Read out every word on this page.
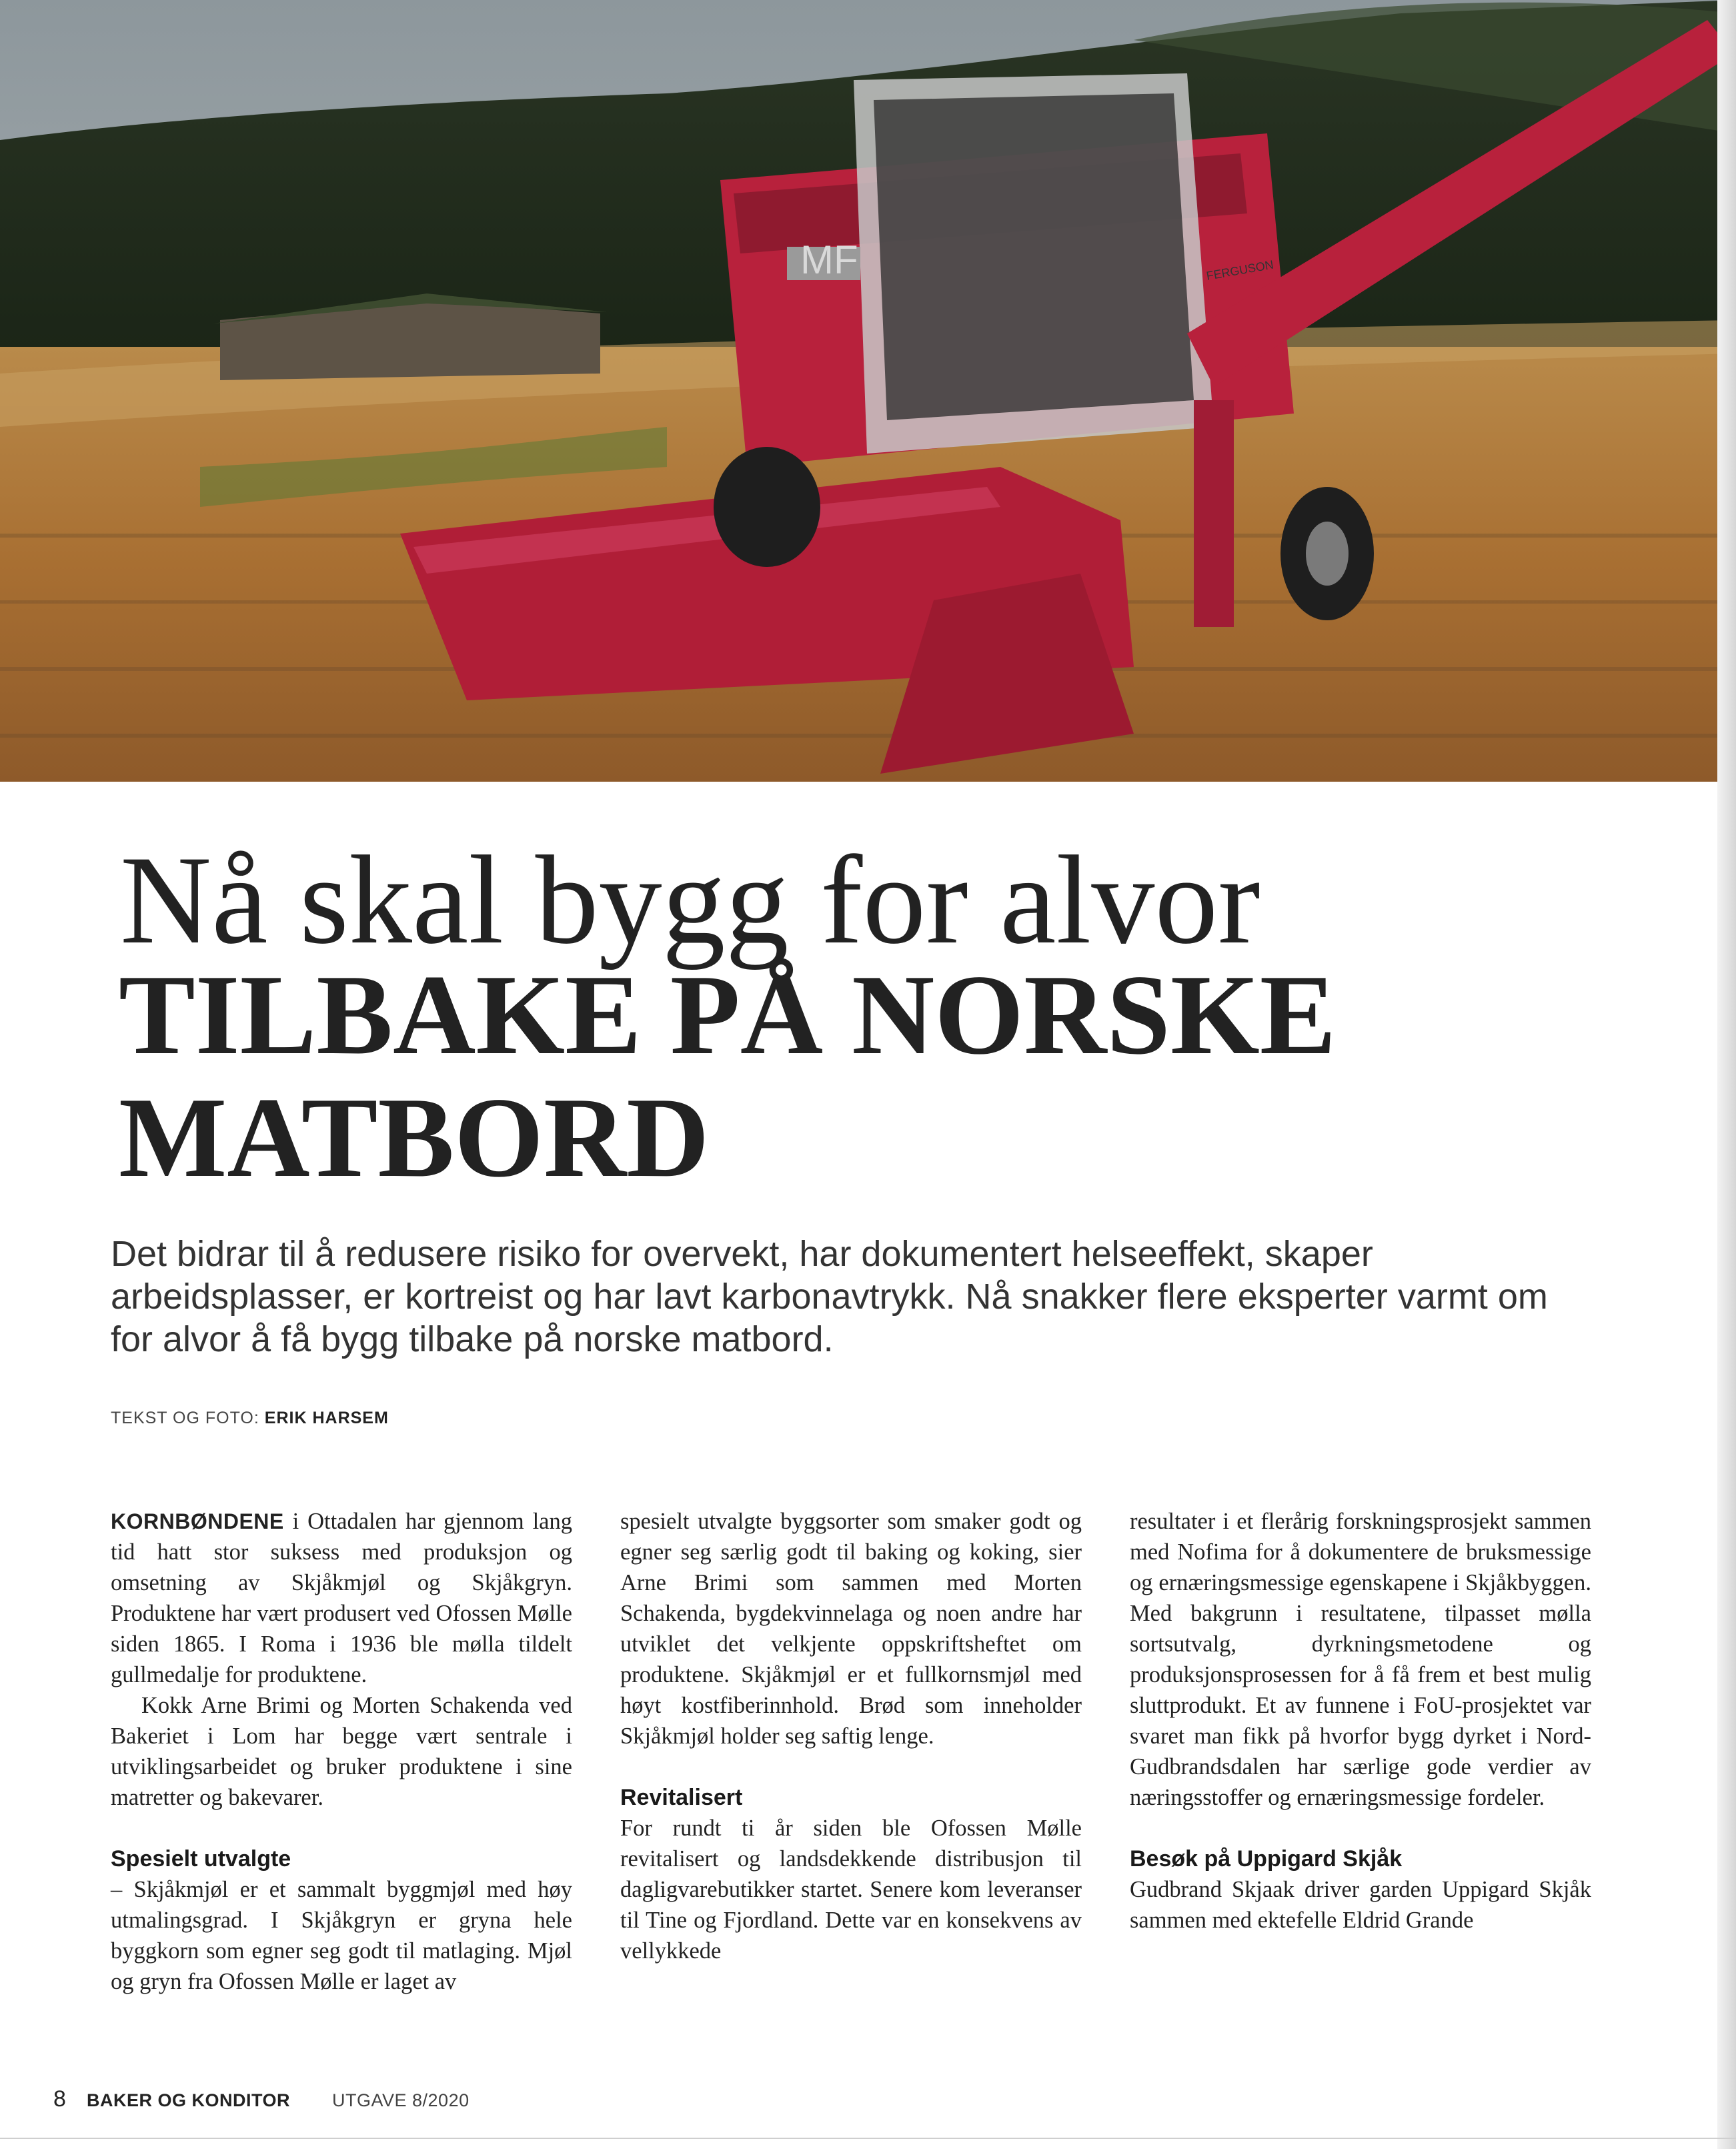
MF	FERGUSON
Nå skal bygg for alvor
TILBAKE PÅ NORSKE
MATBORD
Det bidrar til å redusere risiko for overvekt, har dokumentert helseeffekt, skaper arbeidsplasser, er kortreist og har lavt karbonavtrykk. Nå snakker flere eksperter varmt om for alvor å få bygg tilbake på norske matbord.
TEKST OG FOTO: ERIK HARSEM

KORNBØNDENE i Ottadalen har gjennom lang tid hatt stor suksess med produksjon og omsetning av Skjåkmjøl og Skjåkgryn. Produktene har vært produsert ved Ofossen Mølle siden 1865. I Roma i 1936 ble mølla tildelt gullmedalje for produktene.

Kokk Arne Brimi og Morten Schakenda ved Bakeriet i Lom har begge vært sentrale i utviklingsarbeidet og bruker produktene i sine matretter og bakevarer.

Spesielt utvalgte

– Skjåkmjøl er et sammalt byggmjøl med høy utmalingsgrad. I Skjåkgryn er gryna hele byggkorn som egner seg godt til matlaging. Mjøl og gryn fra Ofossen Mølle er laget av

spesielt utvalgte byggsorter som smaker godt og egner seg særlig godt til baking og koking, sier Arne Brimi som sammen med Morten Schakenda, bygdekvinnelaga og noen andre har utviklet det velkjente oppskriftsheftet om produktene. Skjåkmjøl er et fullkornsmjøl med høyt kostfiberinnhold. Brød som inneholder Skjåkmjøl holder seg saftig lenge.

Revitalisert

For rundt ti år siden ble Ofossen Mølle revitalisert og landsdekkende distribusjon til dagligvarebutikker startet. Senere kom leveranser til Tine og Fjordland. Dette var en konsekvens av vellykkede

resultater i et flerårig forskningsprosjekt sammen med Nofima for å dokumentere de bruksmessige og ernæringsmessige egenskapene i Skjåkbyggen. Med bakgrunn i resultatene, tilpasset mølla sortsutvalg, dyrkningsmetodene og produksjonsprosessen for å få frem et best mulig sluttprodukt. Et av funnene i FoU-prosjektet var svaret man fikk på hvorfor bygg dyrket i Nord-Gudbrandsdalen har særlige gode verdier av næringsstoffer og ernæringsmessige fordeler.

Besøk på Uppigard Skjåk

Gudbrand Skjaak driver garden Uppigard Skjåk sammen med ektefelle Eldrid Grande

8 BAKER OG KONDITOR UTGAVE 8/2020
